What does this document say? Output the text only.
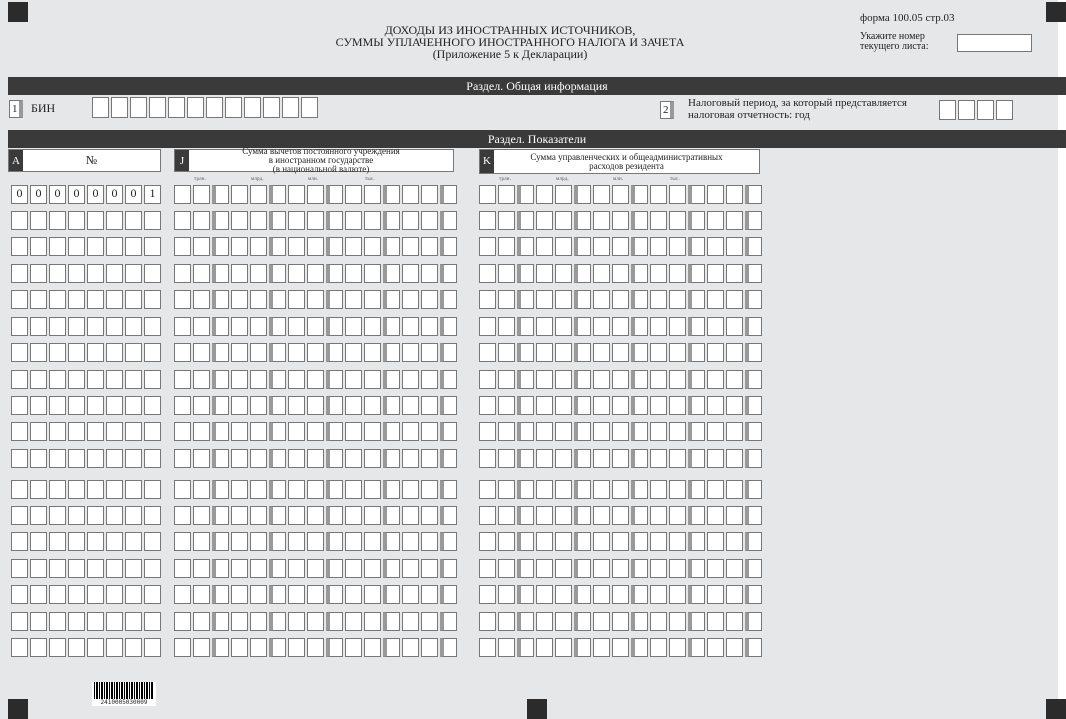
ДОХОДЫ ИЗ ИНОСТРАННЫХ ИСТОЧНИКОВ,
СУММЫ УПЛАЧЕННОГО ИНОСТРАННОГО НАЛОГА И ЗАЧЕТА
(Приложение 5 к Декларации)
форма 100.05 стр.03
Укажите номер
текущего листа:
Раздел. Общая информация
1	БИН	2
Налоговый период, за который представляется
налоговая отчетность: год
Раздел. Показатели
A	№	J
Сумма вычетов постоянного учреждения
в иностранном государстве
(в национальной валюте)
K	Сумма управленческих и общеадминистративных
расходов резидента
трлн.	млрд.	млн.	тыс.	трлн.	млрд.	млн.	тыс.
0	0	0	0	0	0	0	1
2410005030009
